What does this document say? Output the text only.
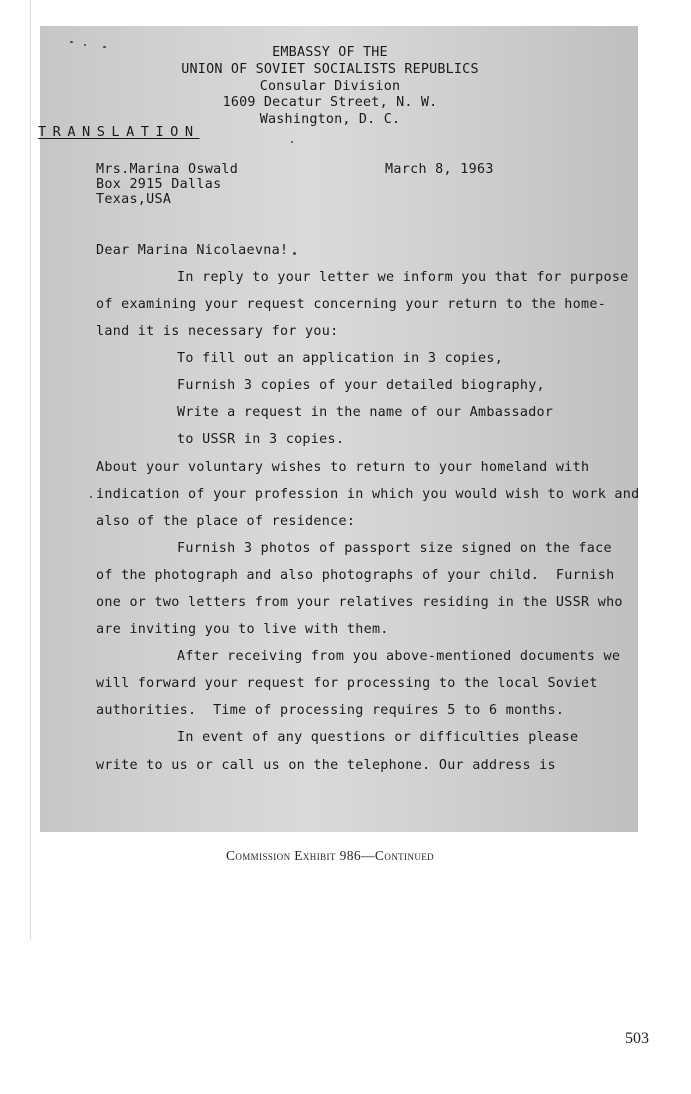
EMBASSY OF THE
UNION OF SOVIET SOCIALISTS REPUBLICS
Consular Division
1609 Decatur Street, N. W.
Washington, D. C.
TRANSLATION
Mrs.Marina Oswald
Box 2915 Dallas
Texas,USA
March 8, 1963
Dear Marina Nicolaevna!
In reply to your letter we inform you that for purpose
of examining your request concerning your return to the home-
land it is necessary for you:
To fill out an application in 3 copies,
Furnish 3 copies of your detailed biography,
Write a request in the name of our Ambassador
to USSR in 3 copies.
About your voluntary wishes to return to your homeland with
indication of your profession in which you would wish to work and
also of the place of residence:
Furnish 3 photos of passport size signed on the face
of the photograph and also photographs of your child.  Furnish
one or two letters from your relatives residing in the USSR who
are inviting you to live with them.
After receiving from you above-mentioned documents we
will forward your request for processing to the local Soviet
authorities.  Time of processing requires 5 to 6 months.
In event of any questions or difficulties please
write to us or call us on the telephone. Our address is
Commission Exhibit 986—Continued
503
